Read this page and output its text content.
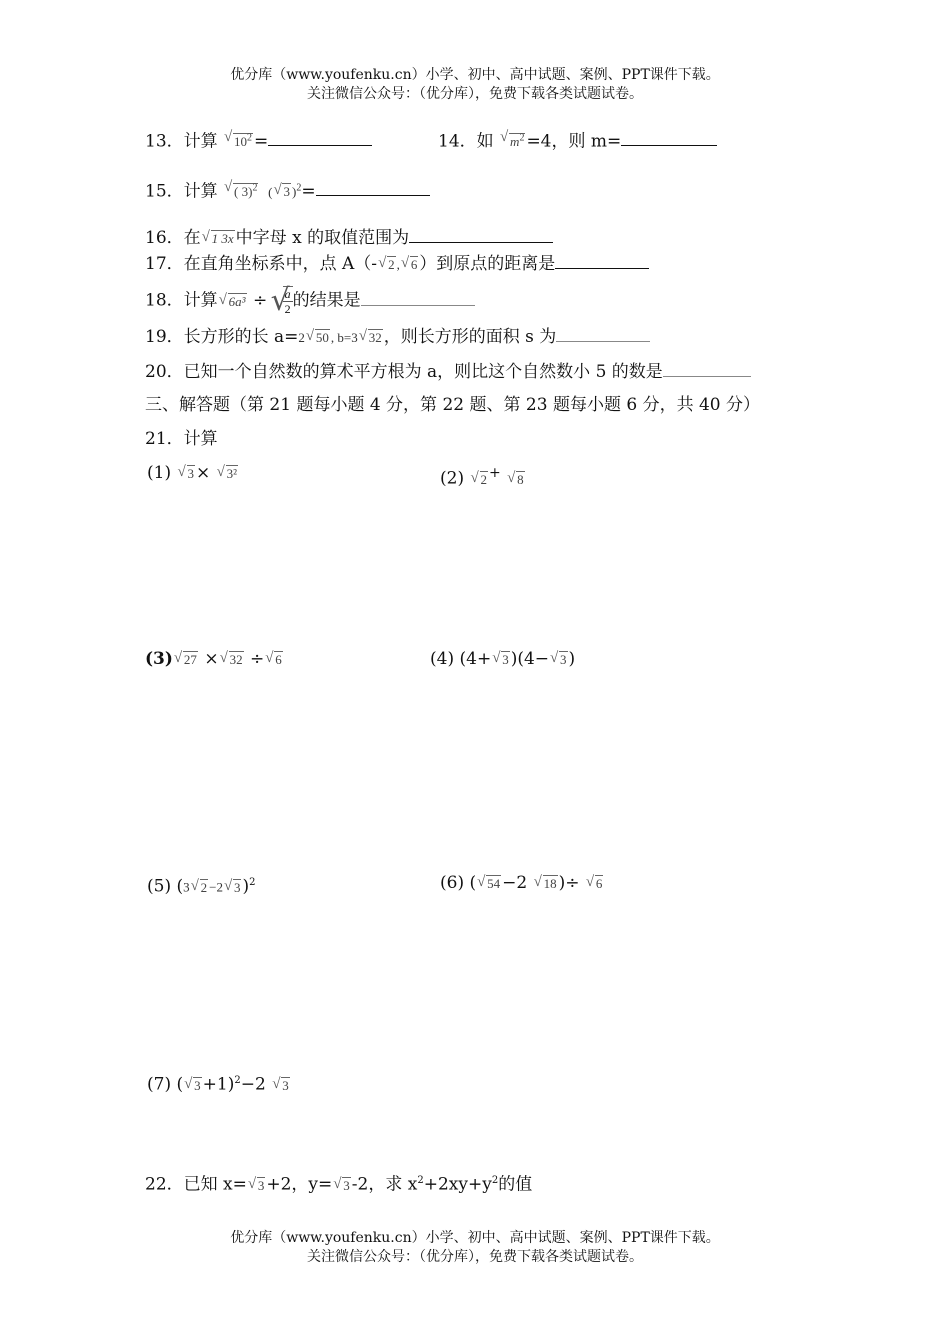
优分库（www.youfenku.cn）小学、初中、高中试题、案例、PPT课件下载。
关注微信公众号：（优分库），免费下载各类试题试卷。
13．计算 √ $10^2$ =	14．如 √ $m^2 =4$，则 m=
15．计算 √ ( 3)$^2$  ( √ 3 )$^2$=
16．在 √ 1 3x 中字母 x 的取值范围为
17．在直角坐标系中，点 A（- √ 2 , √ 6 ）到原点的距离是
18．计算 √ 6a³ ÷ √ $\frac{a}{2}$ 的结果是
19．长方形的长 a=2 √ 50 , b=3 √ 32 ，则长方形的面积 s 为
20．已知一个自然数的算术平方根为 a，则比这个自然数小 5 的数是
三、解答题（第 21 题每小题 4 分，第 22 题、第 23 题每小题 6 分，共 40 分）
21．计算
(1) √ 3 × √ 3²	(2) √ 2 + √ 8
(3) √ 27 × √ 32 ÷ √ 6	(4) (4+ √ 3 )(4− √ 3 )
(5) (3 √ 2 −2 √ 3 )$^2$	(6) ( √ 54 −2 √ 18 )÷ √ 6
(7) ( √ 3 +1)$^2$−2 √ 3
22．已知 x= √ 3 +2，y= √ 3 -2，求 $x^2+2xy+y^2$的值
优分库（www.youfenku.cn）小学、初中、高中试题、案例、PPT课件下载。
关注微信公众号：（优分库），免费下载各类试题试卷。
